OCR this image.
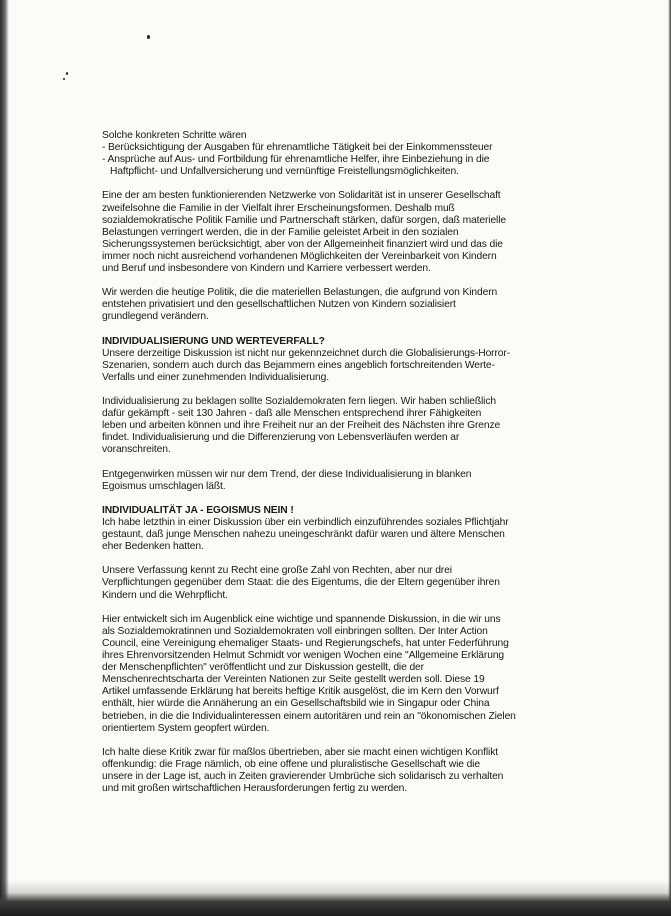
Solche konkreten Schritte wären
- Berücksichtigung der Ausgaben für ehrenamtliche Tätigkeit bei der Einkommenssteuer
- Ansprüche auf Aus- und Fortbildung für ehrenamtliche Helfer, ihre Einbeziehung in die
Haftpflicht- und Unfallversicherung und vernünftige Freistellungsmöglichkeiten.

Eine der am besten funktionierenden Netzwerke von Solidarität ist in unserer Gesellschaft
zweifelsohne die Familie in der Vielfalt ihrer Erscheinungsformen. Deshalb muß
sozialdemokratische Politik Familie und Partnerschaft stärken, dafür sorgen, daß materielle
Belastungen verringert werden, die in der Familie geleistet Arbeit in den sozialen
Sicherungssystemen berücksichtigt, aber von der Allgemeinheit finanziert wird und das die
immer noch nicht ausreichend vorhandenen Möglichkeiten der Vereinbarkeit von Kindern
und Beruf und insbesondere von Kindern und Karriere verbessert werden.

Wir werden die heutige Politik, die die materiellen Belastungen, die aufgrund von Kindern
entstehen privatisiert und den gesellschaftlichen Nutzen von Kindern sozialisiert
grundlegend verändern.

INDIVIDUALISIERUNG UND WERTEVERFALL?
Unsere derzeitige Diskussion ist nicht nur gekennzeichnet durch die Globalisierungs-Horror-
Szenarien, sondern auch durch das Bejammern eines angeblich fortschreitenden Werte-
Verfalls und einer zunehmenden Individualisierung.

Individualisierung zu beklagen sollte Sozialdemokraten fern liegen. Wir haben schließlich
dafür gekämpft - seit 130 Jahren - daß alle Menschen entsprechend ihrer Fähigkeiten
leben und arbeiten können und ihre Freiheit nur an der Freiheit des Nächsten ihre Grenze
findet. Individualisierung und die Differenzierung von Lebensverläufen werden ar
voranschreiten.

Entgegenwirken müssen wir nur dem Trend, der diese Individualisierung in blanken
Egoismus umschlagen läßt.

INDIVIDUALITÄT JA - EGOISMUS NEIN !
Ich habe letzthin in einer Diskussion über ein verbindlich einzuführendes soziales Pflichtjahr
gestaunt, daß junge Menschen nahezu uneingeschränkt dafür waren und ältere Menschen
eher Bedenken hatten.

Unsere Verfassung kennt zu Recht eine große Zahl von Rechten, aber nur drei
Verpflichtungen gegenüber dem Staat: die des Eigentums, die der Eltern gegenüber ihren
Kindern und die Wehrpflicht.

Hier entwickelt sich im Augenblick eine wichtige und spannende Diskussion, in die wir uns
als Sozialdemokratinnen und Sozialdemokraten voll einbringen sollten. Der Inter Action
Council, eine Vereinigung ehemaliger Staats- und Regierungschefs, hat unter Federführung
ihres Ehrenvorsitzenden Helmut Schmidt vor wenigen Wochen eine "Allgemeine Erklärung
der Menschenpflichten" veröffentlicht und zur Diskussion gestellt, die der
Menschenrechtscharta der Vereinten Nationen zur Seite gestellt werden soll. Diese 19
Artikel umfassende Erklärung hat bereits heftige Kritik ausgelöst, die im Kern den Vorwurf
enthält, hier würde die Annäherung an ein Gesellschaftsbild wie in Singapur oder China
betrieben, in die die Individualinteressen einem autoritären und rein an "ökonomischen Zielen
orientiertem System geopfert würden.

Ich halte diese Kritik zwar für maßlos übertrieben, aber sie macht einen wichtigen Konflikt
offenkundig: die Frage nämlich, ob eine offene und pluralistische Gesellschaft wie die
unsere in der Lage ist, auch in Zeiten gravierender Umbrüche sich solidarisch zu verhalten
und mit großen wirtschaftlichen Herausforderungen fertig zu werden.
